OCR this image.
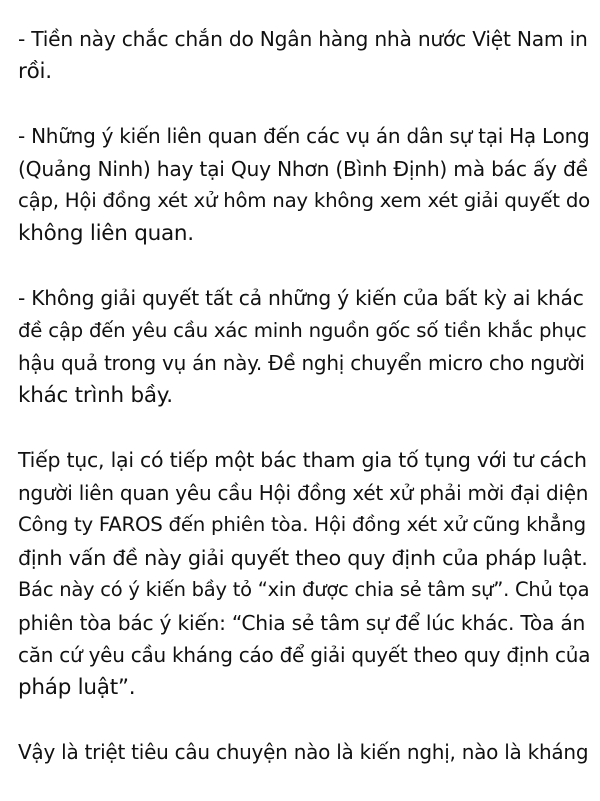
- Tiền này chắc chắn do Ngân hàng nhà nước Việt Nam in
rồi.
- Những ý kiến liên quan đến các vụ án dân sự tại Hạ Long
(Quảng Ninh) hay tại Quy Nhơn (Bình Định) mà bác ấy đề
cập, Hội đồng xét xử hôm nay không xem xét giải quyết do
không liên quan.
- Không giải quyết tất cả những ý kiến của bất kỳ ai khác
đề cập đến yêu cầu xác minh nguồn gốc số tiền khắc phục
hậu quả trong vụ án này. Đề nghị chuyển micro cho người
khác trình bầy.
Tiếp tục, lại có tiếp một bác tham gia tố tụng với tư cách
người liên quan yêu cầu Hội đồng xét xử phải mời đại diện
Công ty FAROS đến phiên tòa. Hội đồng xét xử cũng khẳng
định vấn đề này giải quyết theo quy định của pháp luật.
Bác này có ý kiến bầy tỏ “xin được chia sẻ tâm sự”. Chủ tọa
phiên tòa bác ý kiến: “Chia sẻ tâm sự để lúc khác. Tòa án
căn cứ yêu cầu kháng cáo để giải quyết theo quy định của
pháp luật”.
Vậy là triệt tiêu câu chuyện nào là kiến nghị, nào là kháng
